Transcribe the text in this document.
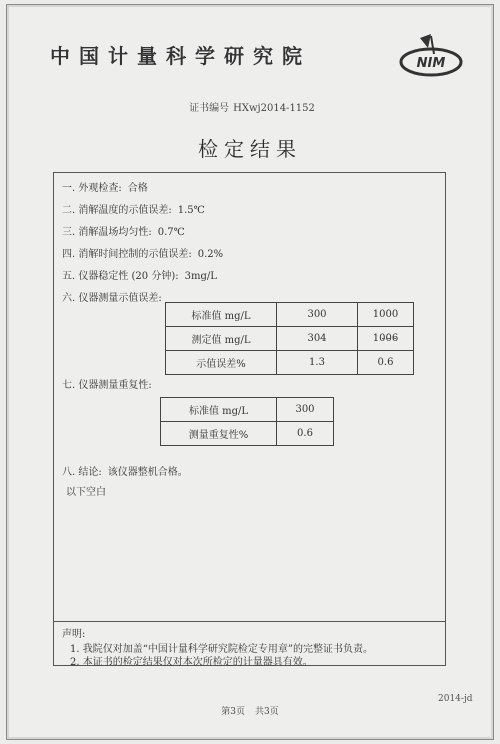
中国计量科学研究院	NIM
证书编号 HXwj2014-1152
检定结果
一. 外观检查: 合格
二. 消解温度的示值误差: 1.5℃
三. 消解温场均匀性: 0.7℃
四. 消解时间控制的示值误差: 0.2%
五. 仪器稳定性 (20 分钟): 3mg/L
六. 仪器测量示值误差:
标准值 mg/L	300	1000
测定值 mg/L	304	1006
示值误差%	1.3	0.6
七. 仪器测量重复性:
标准值 mg/L	300
测量重复性%	0.6
八. 结论: 该仪器整机合格。
以下空白
声明:
1. 我院仅对加盖“中国计量科学研究院检定专用章”的完整证书负责。
2. 本证书的检定结果仅对本次所检定的计量器具有效。
2014-jd
第3页 共3页
